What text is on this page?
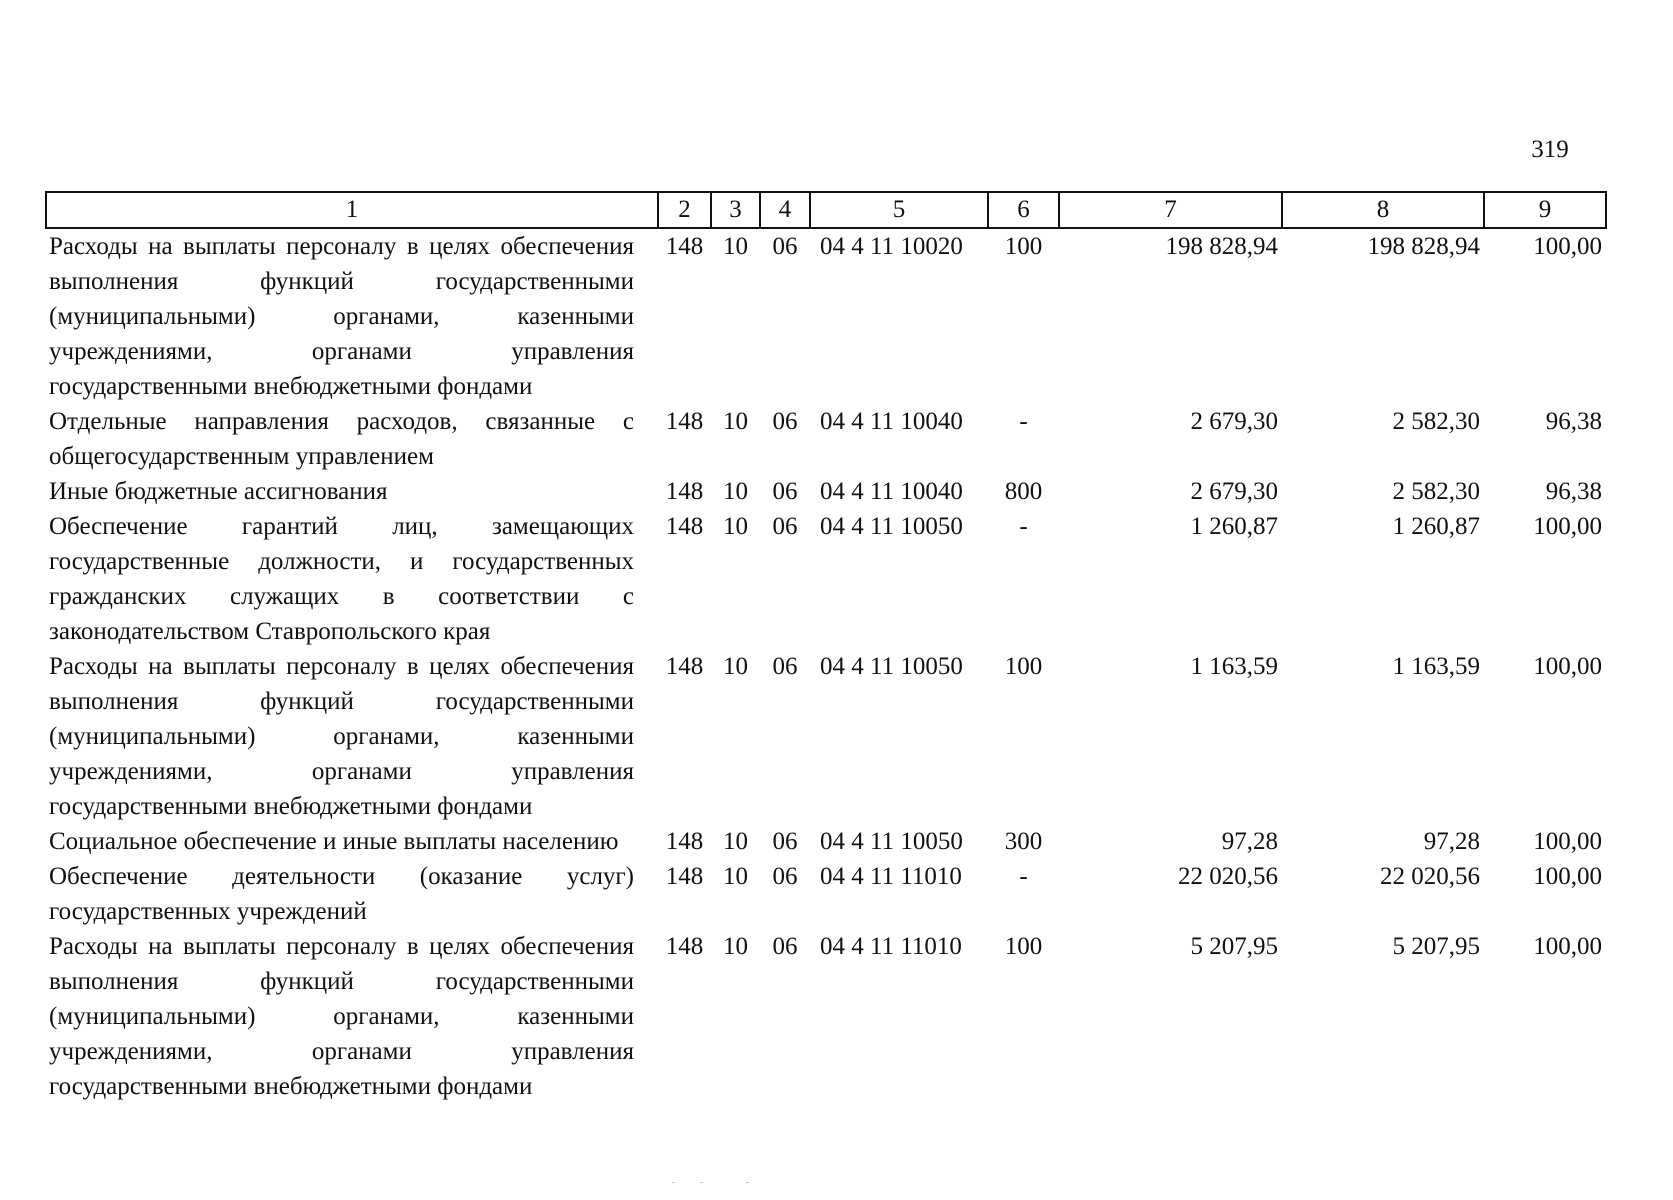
319
1	2	3	4	5	6	7	8	9
Расходы на выплаты персоналу в целях обеспечения выполнения функций государственными (муниципальными) органами, казенными учреждениями, органами управления государственными внебюджетными фондами	148	10	06	04 4 11 10020	100	198 828,94	198 828,94	100,00
Отдельные направления расходов, связанные с общегосударственным управлением	148	10	06	04 4 11 10040	-	2 679,30	2 582,30	96,38
Иные бюджетные ассигнования	148	10	06	04 4 11 10040	800	2 679,30	2 582,30	96,38
Обеспечение гарантий лиц, замещающих государственные должности, и государственных гражданских служащих в соответствии с законодательством Ставропольского края	148	10	06	04 4 11 10050	-	1 260,87	1 260,87	100,00
Расходы на выплаты персоналу в целях обеспечения выполнения функций государственными (муниципальными) органами, казенными учреждениями, органами управления государственными внебюджетными фондами	148	10	06	04 4 11 10050	100	1 163,59	1 163,59	100,00
Социальное обеспечение и иные выплаты населению	148	10	06	04 4 11 10050	300	97,28	97,28	100,00
Обеспечение деятельности (оказание услуг) государственных учреждений	148	10	06	04 4 11 11010	-	22 020,56	22 020,56	100,00
Расходы на выплаты персоналу в целях обеспечения выполнения функций государственными (муниципальными) органами, казенными учреждениями, органами управления государственными внебюджетными фондами	148	10	06	04 4 11 11010	100	5 207,95	5 207,95	100,00
